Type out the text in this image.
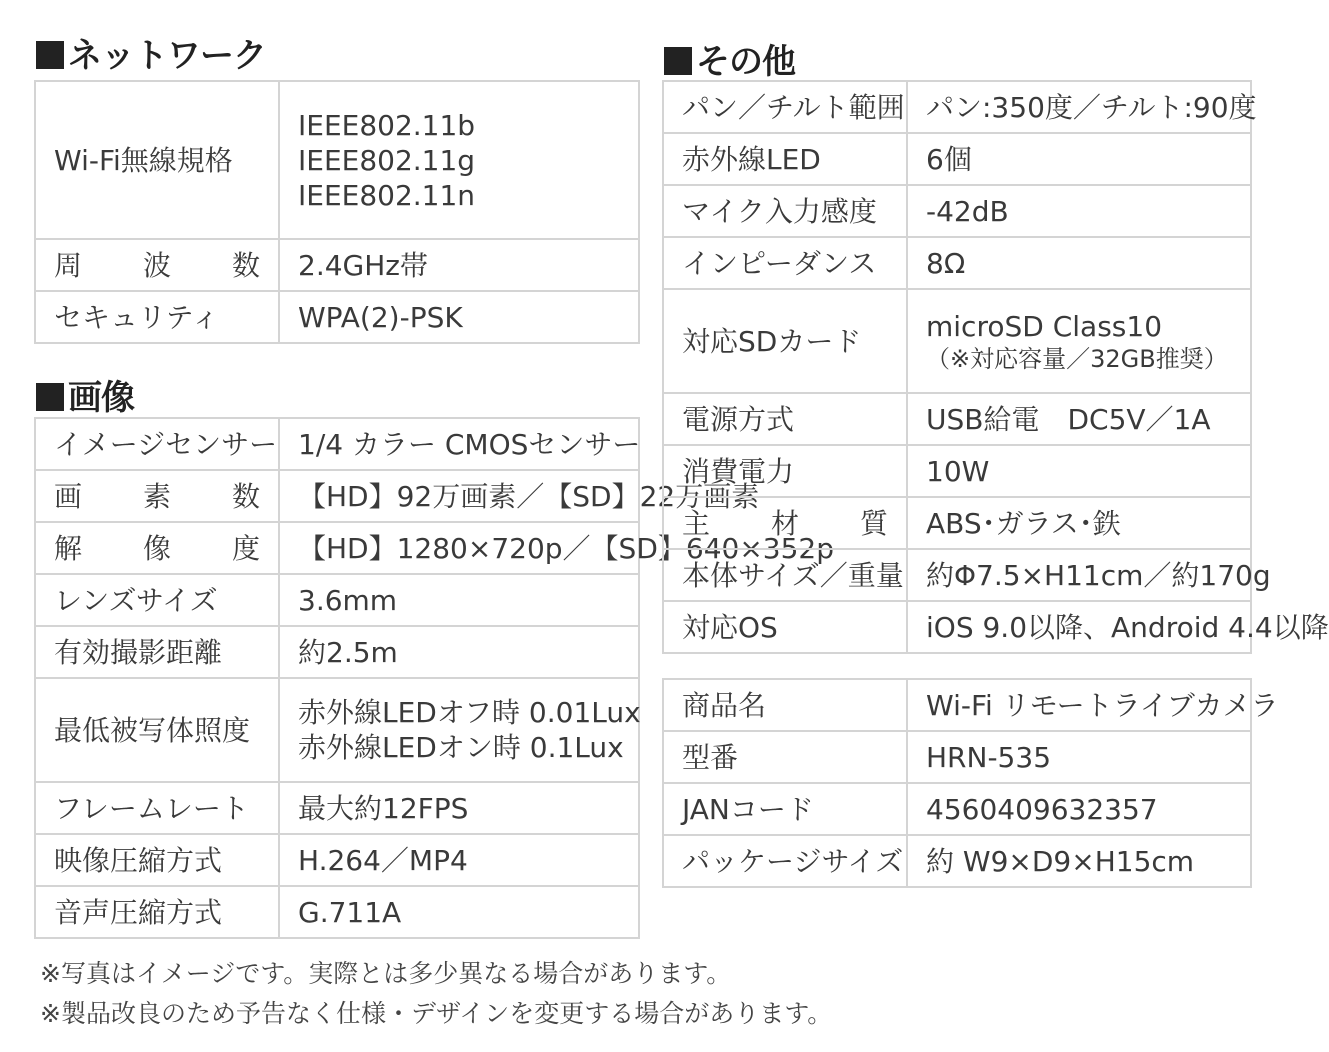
ネットワーク
画像
その他
Wi-Fi無線規格	IEEE802.11b
IEEE802.11g
IEEE802.11n

周 波 数	2.4GHz帯

セキュリティ	WPA(2)-PSK
イメージセンサー	1/4 カラー CMOSセンサー

画 素 数	【HD】92万画素／【SD】22万画素

解 像 度	【HD】1280×720p／【SD】640×352p

レンズサイズ	3.6mm

有効撮影距離	約2.5m

最低被写体照度	赤外線LEDオフ時 0.01Lux
赤外線LEDオン時 0.1Lux

フレームレート	最大約12FPS

映像圧縮方式	H.264／MP4

音声圧縮方式	G.711A
パン／チルト範囲	パン:350度／チルト:90度

赤外線LED	6個

マイク入力感度	-42dB

インピーダンス	8Ω

対応SDカード	microSD Class10
（※対応容量／32GB推奨）

電源方式	USB給電　DC5V／1A

消費電力	10W

主 材 質	ABS･ガラス･鉄

本体サイズ／重量	約Φ7.5×H11cm／約170g

対応OS	iOS 9.0以降、Android 4.4以降
商品名	Wi-Fi リモートライブカメラ

型番	HRN-535

JANコード	4560409632357

パッケージサイズ	約 W9×D9×H15cm
※写真はイメージです。実際とは多少異なる場合があります。
※製品改良のため予告なく仕様・デザインを変更する場合があります。
